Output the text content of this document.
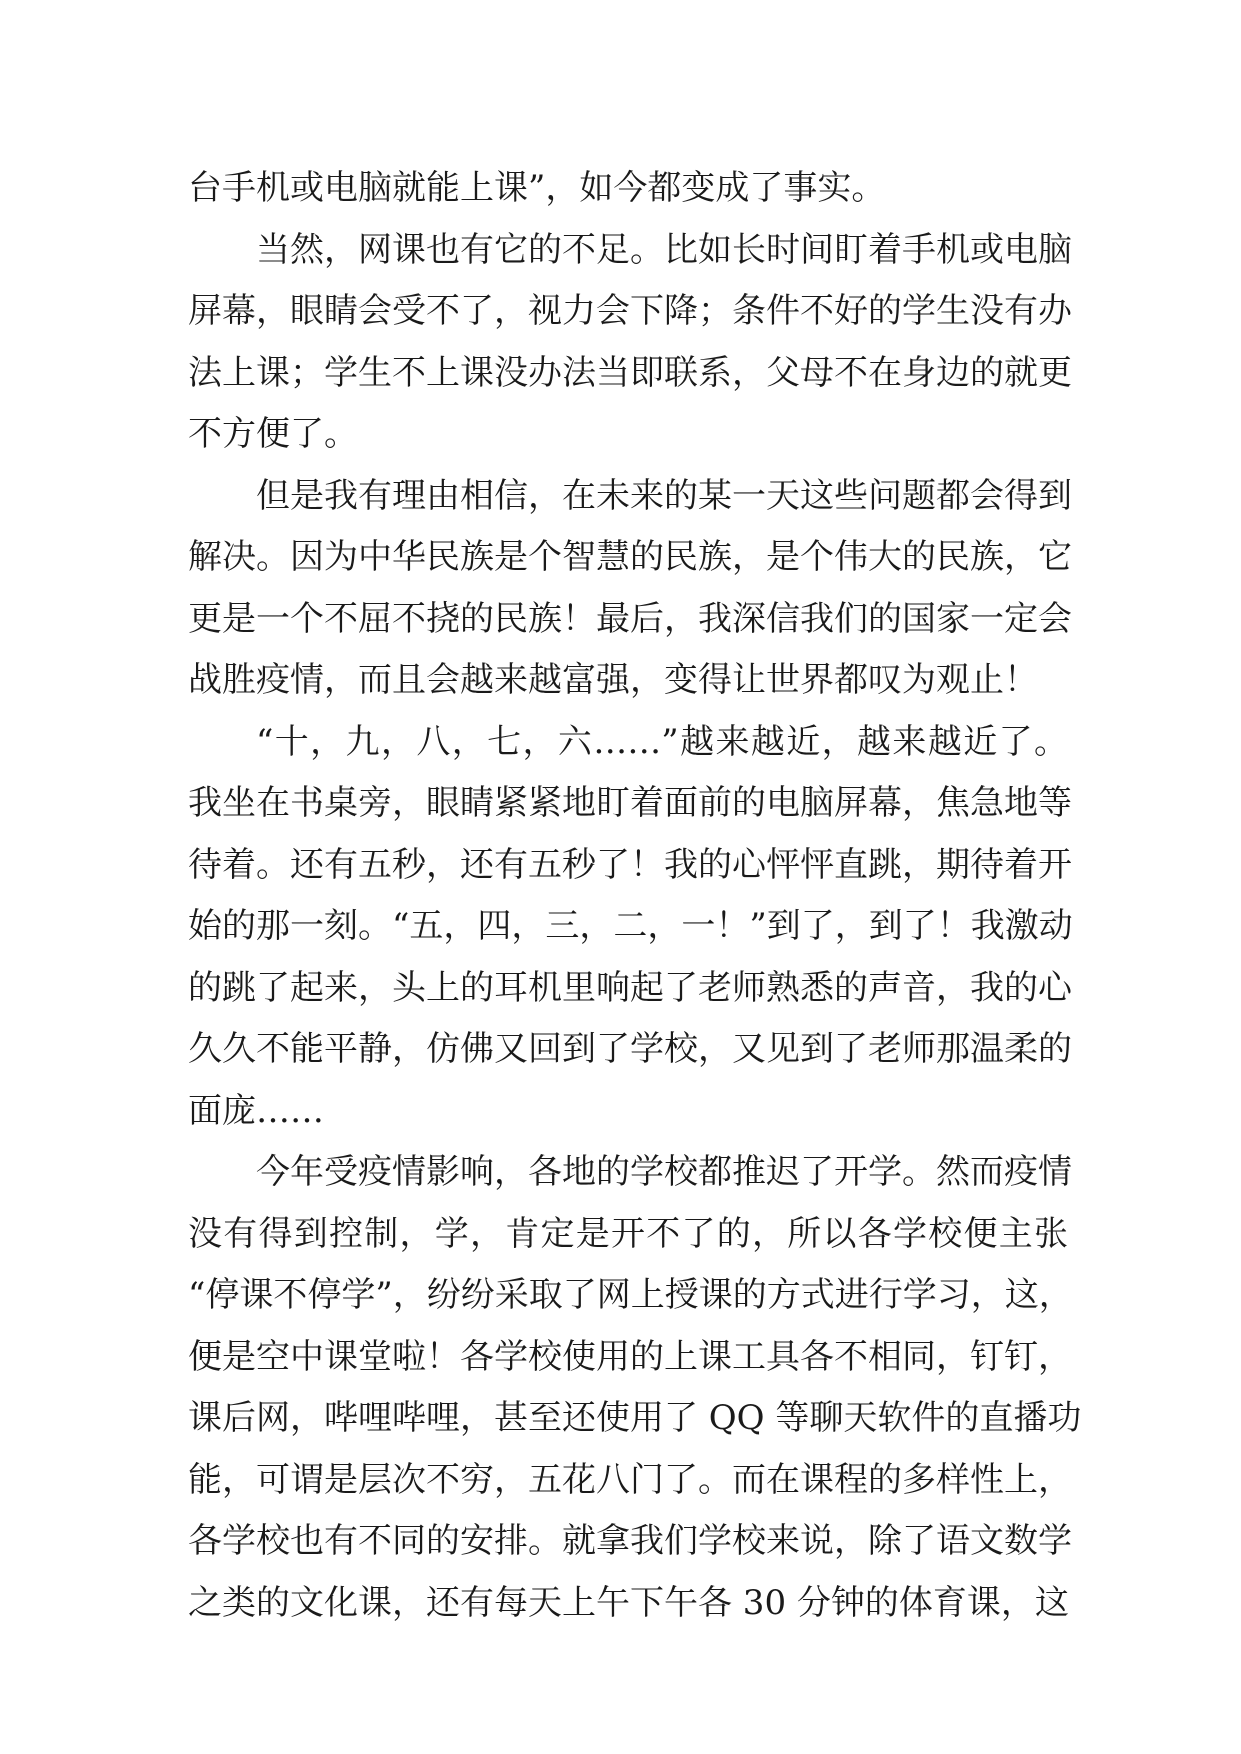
台手机或电脑就能上课”，如今都变成了事实。
当然，网课也有它的不足。比如长时间盯着手机或电脑
屏幕，眼睛会受不了，视力会下降；条件不好的学生没有办
法上课；学生不上课没办法当即联系，父母不在身边的就更
不方便了。
但是我有理由相信，在未来的某一天这些问题都会得到
解决。因为中华民族是个智慧的民族，是个伟大的民族，它
更是一个不屈不挠的民族！最后，我深信我们的国家一定会
战胜疫情，而且会越来越富强，变得让世界都叹为观止！
“十，九，八，七，六……”越来越近，越来越近了。
我坐在书桌旁，眼睛紧紧地盯着面前的电脑屏幕，焦急地等
待着。还有五秒，还有五秒了！我的心怦怦直跳，期待着开
始的那一刻。“五，四，三，二，一！”到了，到了！我激动
的跳了起来，头上的耳机里响起了老师熟悉的声音，我的心
久久不能平静，仿佛又回到了学校，又见到了老师那温柔的
面庞……
今年受疫情影响，各地的学校都推迟了开学。然而疫情
没有得到控制，学，肯定是开不了的，所以各学校便主张
“停课不停学”，纷纷采取了网上授课的方式进行学习，这，
便是空中课堂啦！各学校使用的上课工具各不相同，钉钉，
课后网，哔哩哔哩，甚至还使用了 QQ 等聊天软件的直播功
能，可谓是层次不穷，五花八门了。而在课程的多样性上，
各学校也有不同的安排。就拿我们学校来说，除了语文数学
之类的文化课，还有每天上午下午各 30 分钟的体育课，这
